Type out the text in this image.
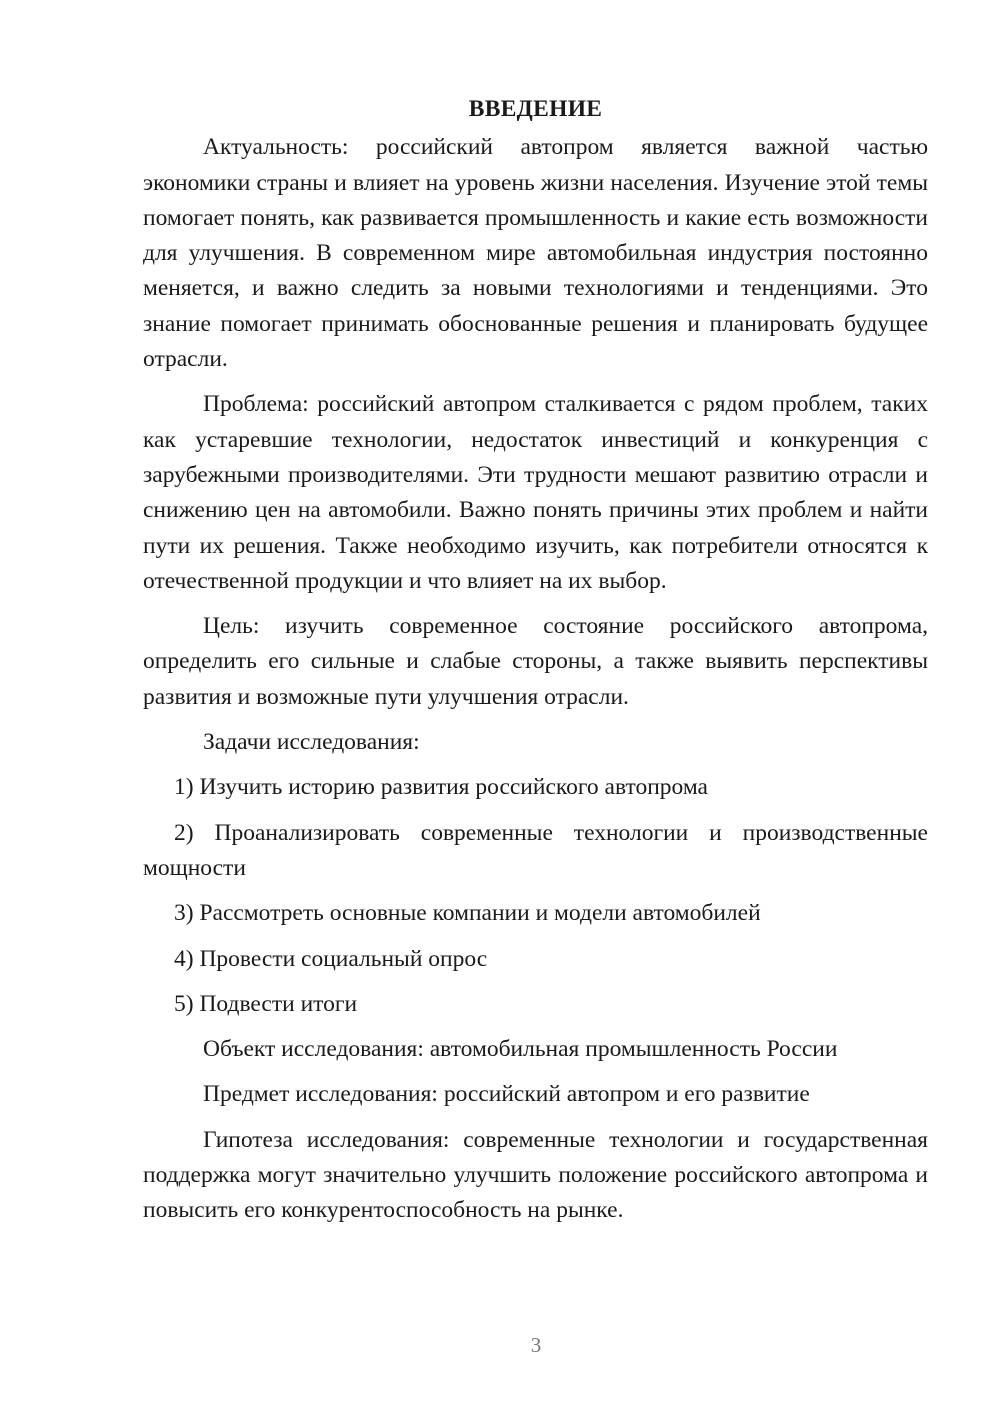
ВВЕДЕНИЕ

Актуальность: российский автопром является важной частью экономики страны и влияет на уровень жизни населения. Изучение этой темы помогает понять, как развивается промышленность и какие есть возможности для улучшения. В современном мире автомобильная индустрия постоянно меняется, и важно следить за новыми технологиями и тенденциями. Это знание помогает принимать обоснованные решения и планировать будущее отрасли.

Проблема: российский автопром сталкивается с рядом проблем, таких как устаревшие технологии, недостаток инвестиций и конкуренция с зарубежными производителями. Эти трудности мешают развитию отрасли и снижению цен на автомобили. Важно понять причины этих проблем и найти пути их решения. Также необходимо изучить, как потребители относятся к отечественной продукции и что влияет на их выбор.

Цель: изучить современное состояние российского автопрома, определить его сильные и слабые стороны, а также выявить перспективы развития и возможные пути улучшения отрасли.

Задачи исследования:

1) Изучить историю развития российского автопрома

2) Проанализировать современные технологии и производственные мощности

3) Рассмотреть основные компании и модели автомобилей

4) Провести социальный опрос

5) Подвести итоги

Объект исследования: автомобильная промышленность России

Предмет исследования: российский автопром и его развитие

Гипотеза исследования: современные технологии и государственная поддержка могут значительно улучшить положение российского автопрома и повысить его конкурентоспособность на рынке.

3
